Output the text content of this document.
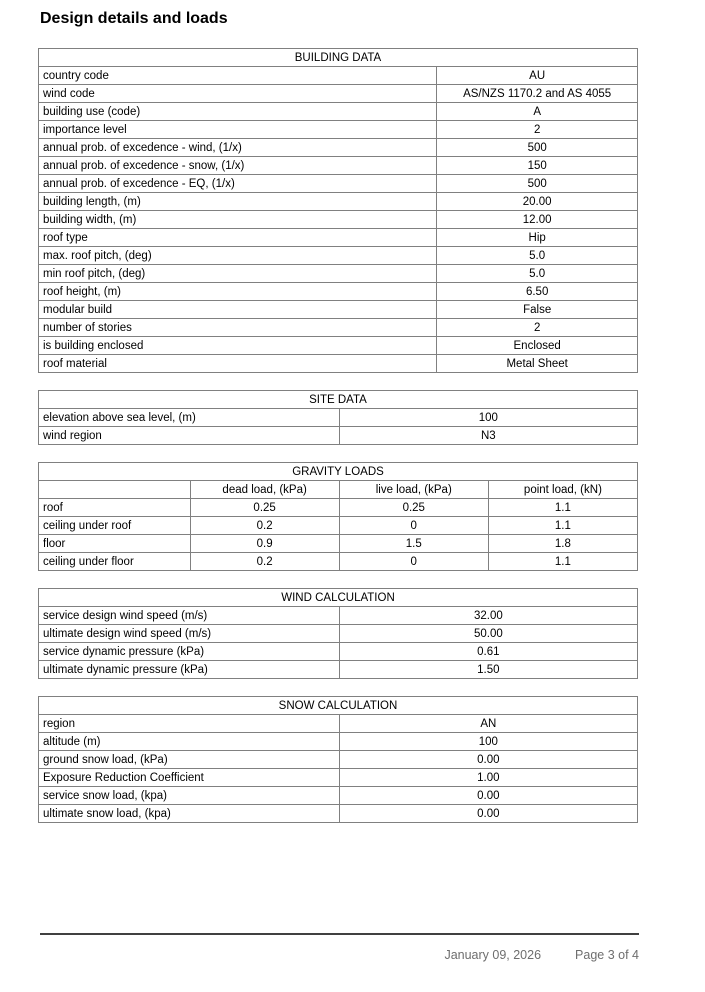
Design details and loads
BUILDING DATA	
country code	AU
wind code	AS/NZS 1170.2 and AS 4055
building use (code)	A
importance level	2
annual prob. of excedence - wind, (1/x)	500
annual prob. of excedence - snow, (1/x)	150
annual prob. of excedence - EQ, (1/x)	500
building length, (m)	20.00
building width, (m)	12.00
roof type	Hip
max. roof pitch, (deg)	5.0
min roof pitch, (deg)	5.0
roof height, (m)	6.50
modular build	False
number of stories	2
is building enclosed	Enclosed
roof material	Metal Sheet
SITE DATA	
elevation above sea level, (m)	100
wind region	N3
GRAVITY LOADS			
	dead load, (kPa)	live load, (kPa)	point load, (kN)
roof	0.25	0.25	1.1
ceiling under roof	0.2	0	1.1
floor	0.9	1.5	1.8
ceiling under floor	0.2	0	1.1
WIND CALCULATION	
service design wind speed (m/s)	32.00
ultimate design wind speed (m/s)	50.00
service dynamic pressure (kPa)	0.61
ultimate dynamic pressure (kPa)	1.50
SNOW CALCULATION	
region	AN
altitude (m)	100
ground snow load, (kPa)	0.00
Exposure Reduction Coefficient	1.00
service snow load, (kpa)	0.00
ultimate snow load, (kpa)	0.00
January 09, 2026	Page 3 of 4
